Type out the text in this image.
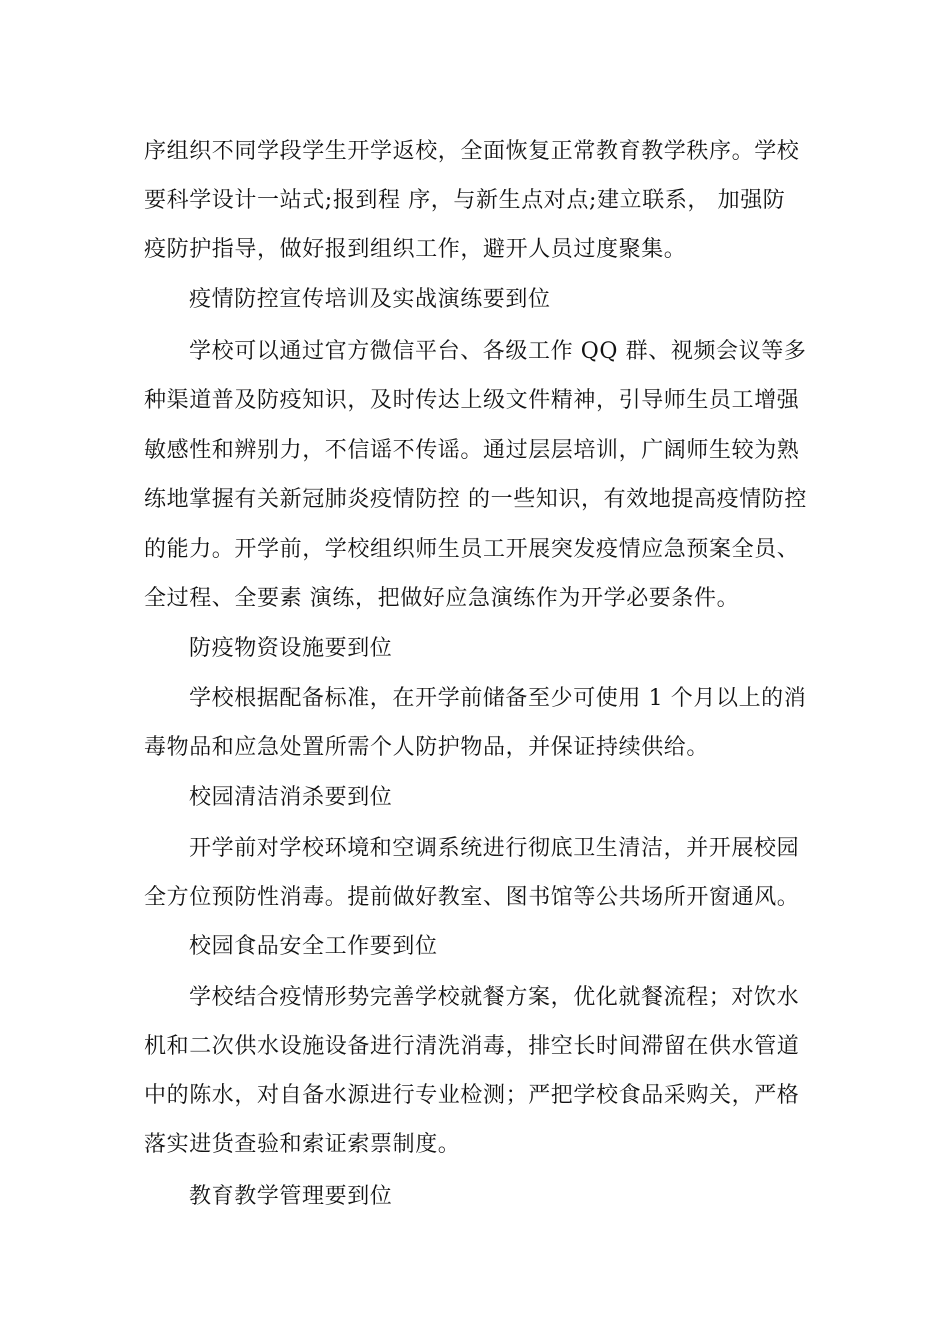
序组织不同学段学生开学返校，全面恢复正常教育教学秩序。学校
要科学设计一站式;报到程 序，与新生点对点;建立联系， 加强防
疫防护指导，做好报到组织工作，避开人员过度聚集。
疫情防控宣传培训及实战演练要到位
学校可以通过官方微信平台、各级工作 QQ 群、视频会议等多
种渠道普及防疫知识，及时传达上级文件精神，引导师生员工增强
敏感性和辨别力，不信谣不传谣。通过层层培训，广阔师生较为熟
练地掌握有关新冠肺炎疫情防控 的一些知识，有效地提高疫情防控
的能力。开学前，学校组织师生员工开展突发疫情应急预案全员、
全过程、全要素 演练，把做好应急演练作为开学必要条件。
防疫物资设施要到位
学校根据配备标准，在开学前储备至少可使用 1 个月以上的消
毒物品和应急处置所需个人防护物品，并保证持续供给。
校园清洁消杀要到位
开学前对学校环境和空调系统进行彻底卫生清洁，并开展校园
全方位预防性消毒。提前做好教室、图书馆等公共场所开窗通风。
校园食品安全工作要到位
学校结合疫情形势完善学校就餐方案，优化就餐流程；对饮水
机和二次供水设施设备进行清洗消毒，排空长时间滞留在供水管道
中的陈水，对自备水源进行专业检测；严把学校食品采购关，严格
落实进货查验和索证索票制度。
教育教学管理要到位
